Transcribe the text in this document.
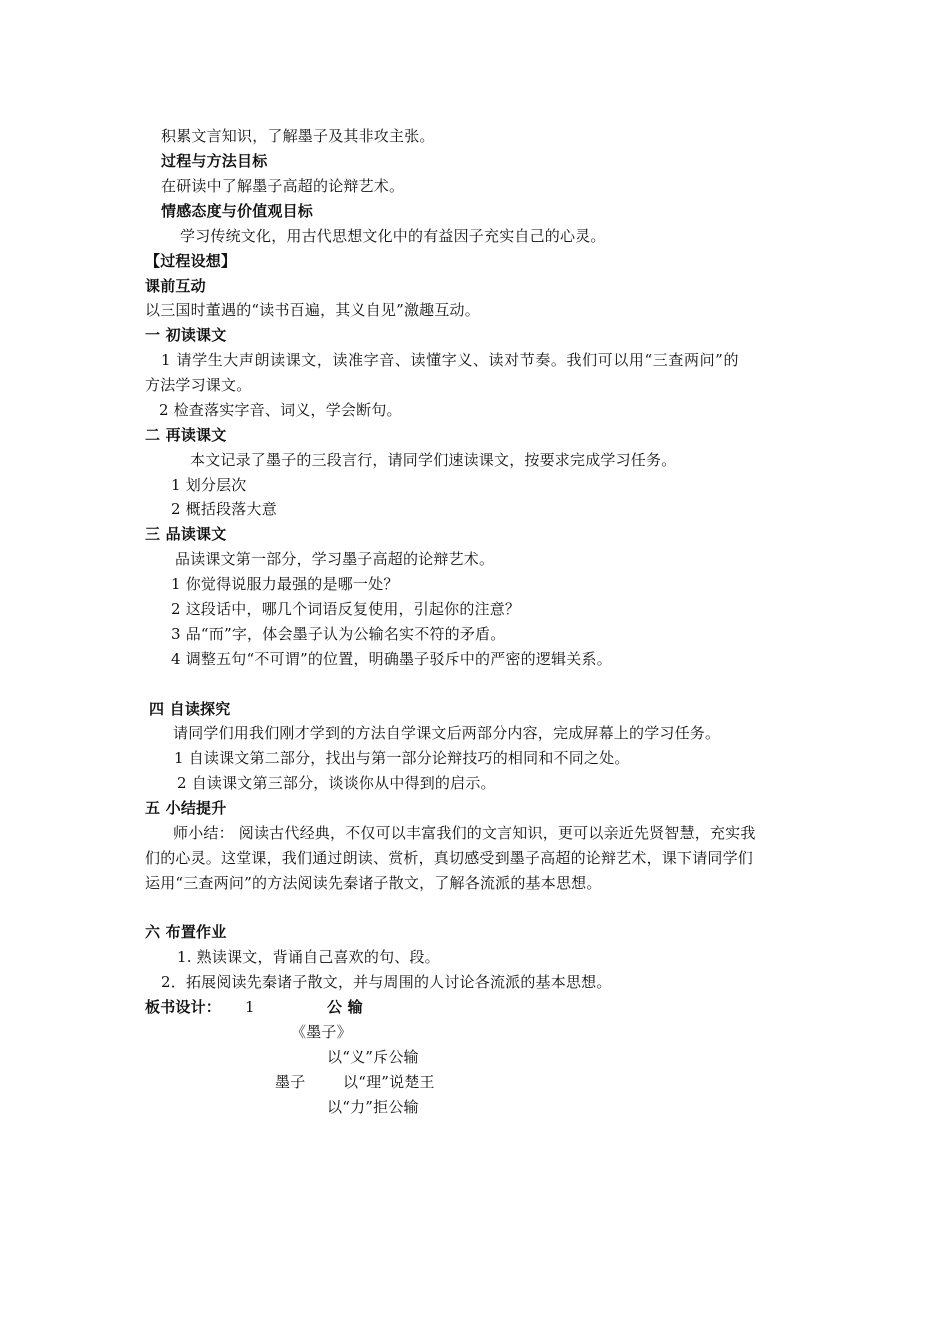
积累文言知识，了解墨子及其非攻主张。
过程与方法目标
在研读中了解墨子高超的论辩艺术。
情感态度与价值观目标
学习传统文化，用古代思想文化中的有益因子充实自己的心灵。
【过程设想】
课前互动
以三国时董遇的“读书百遍，其义自见”激趣互动。
一 初读课文
1 请学生大声朗读课文，读准字音、读懂字义、读对节奏。我们可以用“三查两问”的
方法学习课文。
2 检查落实字音、词义，学会断句。
二 再读课文
本文记录了墨子的三段言行，请同学们速读课文，按要求完成学习任务。
1 划分层次
2 概括段落大意
三 品读课文
品读课文第一部分，学习墨子高超的论辩艺术。
1 你觉得说服力最强的是哪一处？
2 这段话中，哪几个词语反复使用，引起你的注意？
3 品“而”字，体会墨子认为公输名实不符的矛盾。
4 调整五句“不可谓”的位置，明确墨子驳斥中的严密的逻辑关系。
四 自读探究
请同学们用我们刚才学到的方法自学课文后两部分内容，完成屏幕上的学习任务。
1 自读课文第二部分，找出与第一部分论辩技巧的相同和不同之处。
2 自读课文第三部分，谈谈你从中得到的启示。
五 小结提升
师小结： 阅读古代经典，不仅可以丰富我们的文言知识，更可以亲近先贤智慧，充实我
们的心灵。这堂课，我们通过朗读、赏析，真切感受到墨子高超的论辩艺术，课下请同学们
运用“三查两问”的方法阅读先秦诸子散文，了解各流派的基本思想。
六 布置作业
1. 熟读课文，背诵自己喜欢的句、段。
2．拓展阅读先秦诸子散文，并与周围的人讨论各流派的基本思想。
板书设计： 1	公 输
《墨子》
以“义”斥公输
墨子	以“理”说楚王
以“力”拒公输
